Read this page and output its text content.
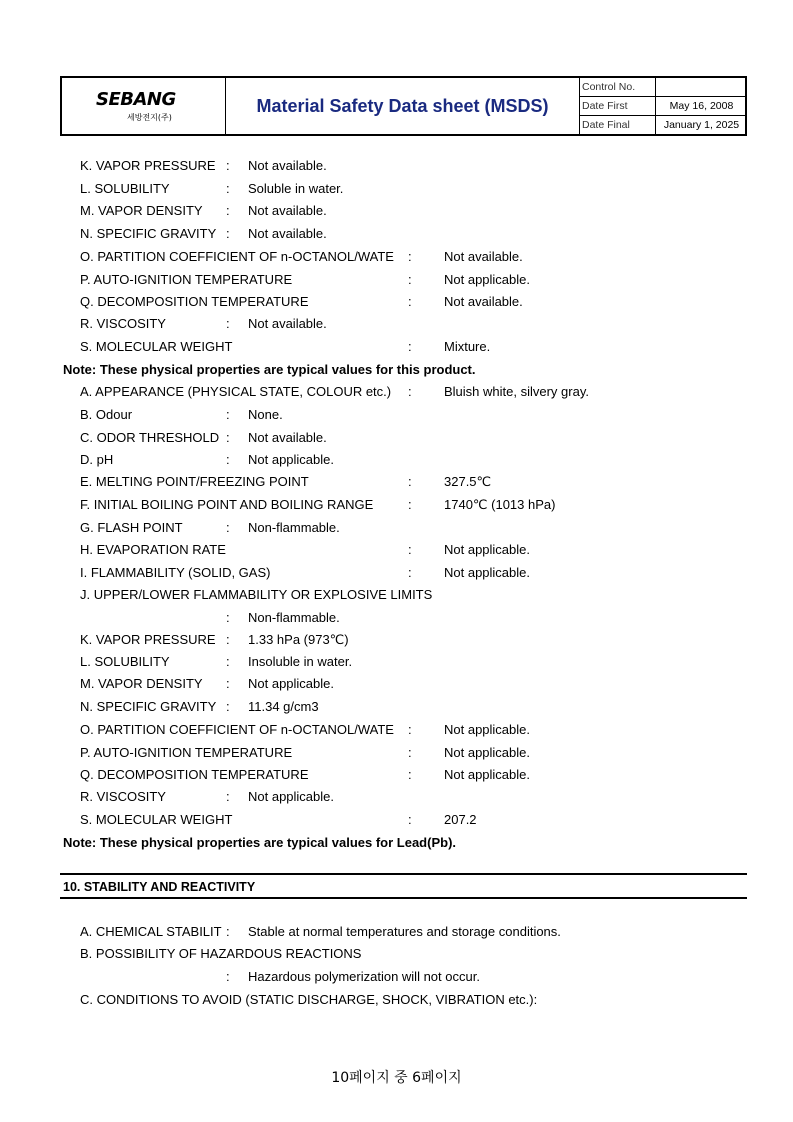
SEBANG
세방전지(주)
Material Safety Data sheet (MSDS)
Control No.	
Date First	May 16, 2008
Date Final	January 1, 2025
K. VAPOR PRESSURE : Not available.
L. SOLUBILITY	: Soluble in water.
M. VAPOR DENSITY : Not available.
N. SPECIFIC GRAVITY : Not available.
O. PARTITION COEFFICIENT OF n-OCTANOL/WATE : Not available.
P. AUTO-IGNITION TEMPERATURE	: Not applicable.
Q. DECOMPOSITION TEMPERATURE	: Not available.
R. VISCOSITY	: Not available.
S. MOLECULAR WEIGHT	: Mixture.
Note: These physical properties are typical values for this product.
A. APPEARANCE (PHYSICAL STATE, COLOUR etc.) : Bluish white, silvery gray.
B. Odour	: None.
C. ODOR THRESHOLD : Not available.
D. pH	: Not applicable.
E. MELTING POINT/FREEZING POINT	: 327.5℃
F. INITIAL BOILING POINT AND BOILING RANGE	: 1740℃ (1013 hPa)
G. FLASH POINT	: Non-flammable.
H. EVAPORATION RATE	: Not applicable.
I. FLAMMABILITY (SOLID, GAS)	: Not applicable.
J. UPPER/LOWER FLAMMABILITY OR EXPLOSIVE LIMITS
: Non-flammable.
K. VAPOR PRESSURE : 1.33 hPa (973℃)
L. SOLUBILITY	: Insoluble in water.
M. VAPOR DENSITY : Not applicable.
N. SPECIFIC GRAVITY : 11.34 g/cm3
O. PARTITION COEFFICIENT OF n-OCTANOL/WATE : Not applicable.
P. AUTO-IGNITION TEMPERATURE	: Not applicable.
Q. DECOMPOSITION TEMPERATURE	: Not applicable.
R. VISCOSITY	: Not applicable.
S. MOLECULAR WEIGHT	: 207.2
Note: These physical properties are typical values for Lead(Pb).
10. STABILITY AND REACTIVITY
A. CHEMICAL STABILIT : Stable at normal temperatures and storage conditions.
B. POSSIBILITY OF HAZARDOUS REACTIONS
: Hazardous polymerization will not occur.
C. CONDITIONS TO AVOID (STATIC DISCHARGE, SHOCK, VIBRATION etc.):
10페이지 중 6페이지
